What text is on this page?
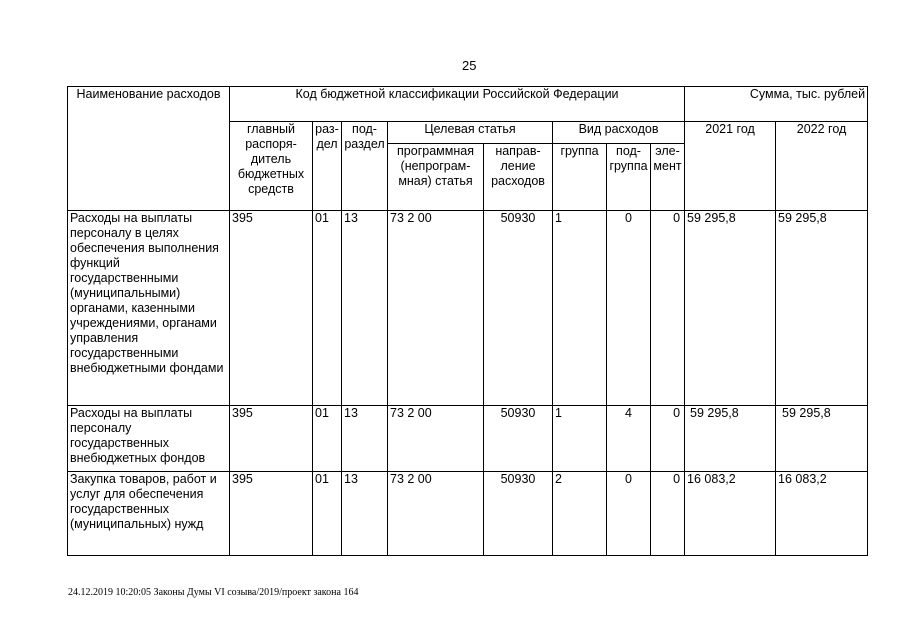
25
Наименование расходов	Код бюджетной классификации Российской Федерации								Сумма, тыс. рублей	
	главный распоря-дитель бюджетных средств	раз-дел	под-раздел	Целевая статья		Вид расходов			2021 год	2022 год
				программная (непрограм-мная) статья	направ-ление расходов	группа	под-группа	эле-мент		
Расходы на выплаты персоналу в целях обеспечения выполнения функций государственными (муниципальными) органами, казенными учреждениями, органами управления государственными внебюджетными фондами	395	01	13	73 2 00	50930	1	0	0	59 295,8	59 295,8
Расходы на выплаты персоналу государственных внебюджетных фондов	395	01	13	73 2 00	50930	1	4	0	59 295,8	59 295,8
Закупка товаров, работ и услуг для обеспечения государственных (муниципальных) нужд	395	01	13	73 2 00	50930	2	0	0	16 083,2	16 083,2
24.12.2019 10:20:05 Законы Думы VI созыва/2019/проект закона 164
